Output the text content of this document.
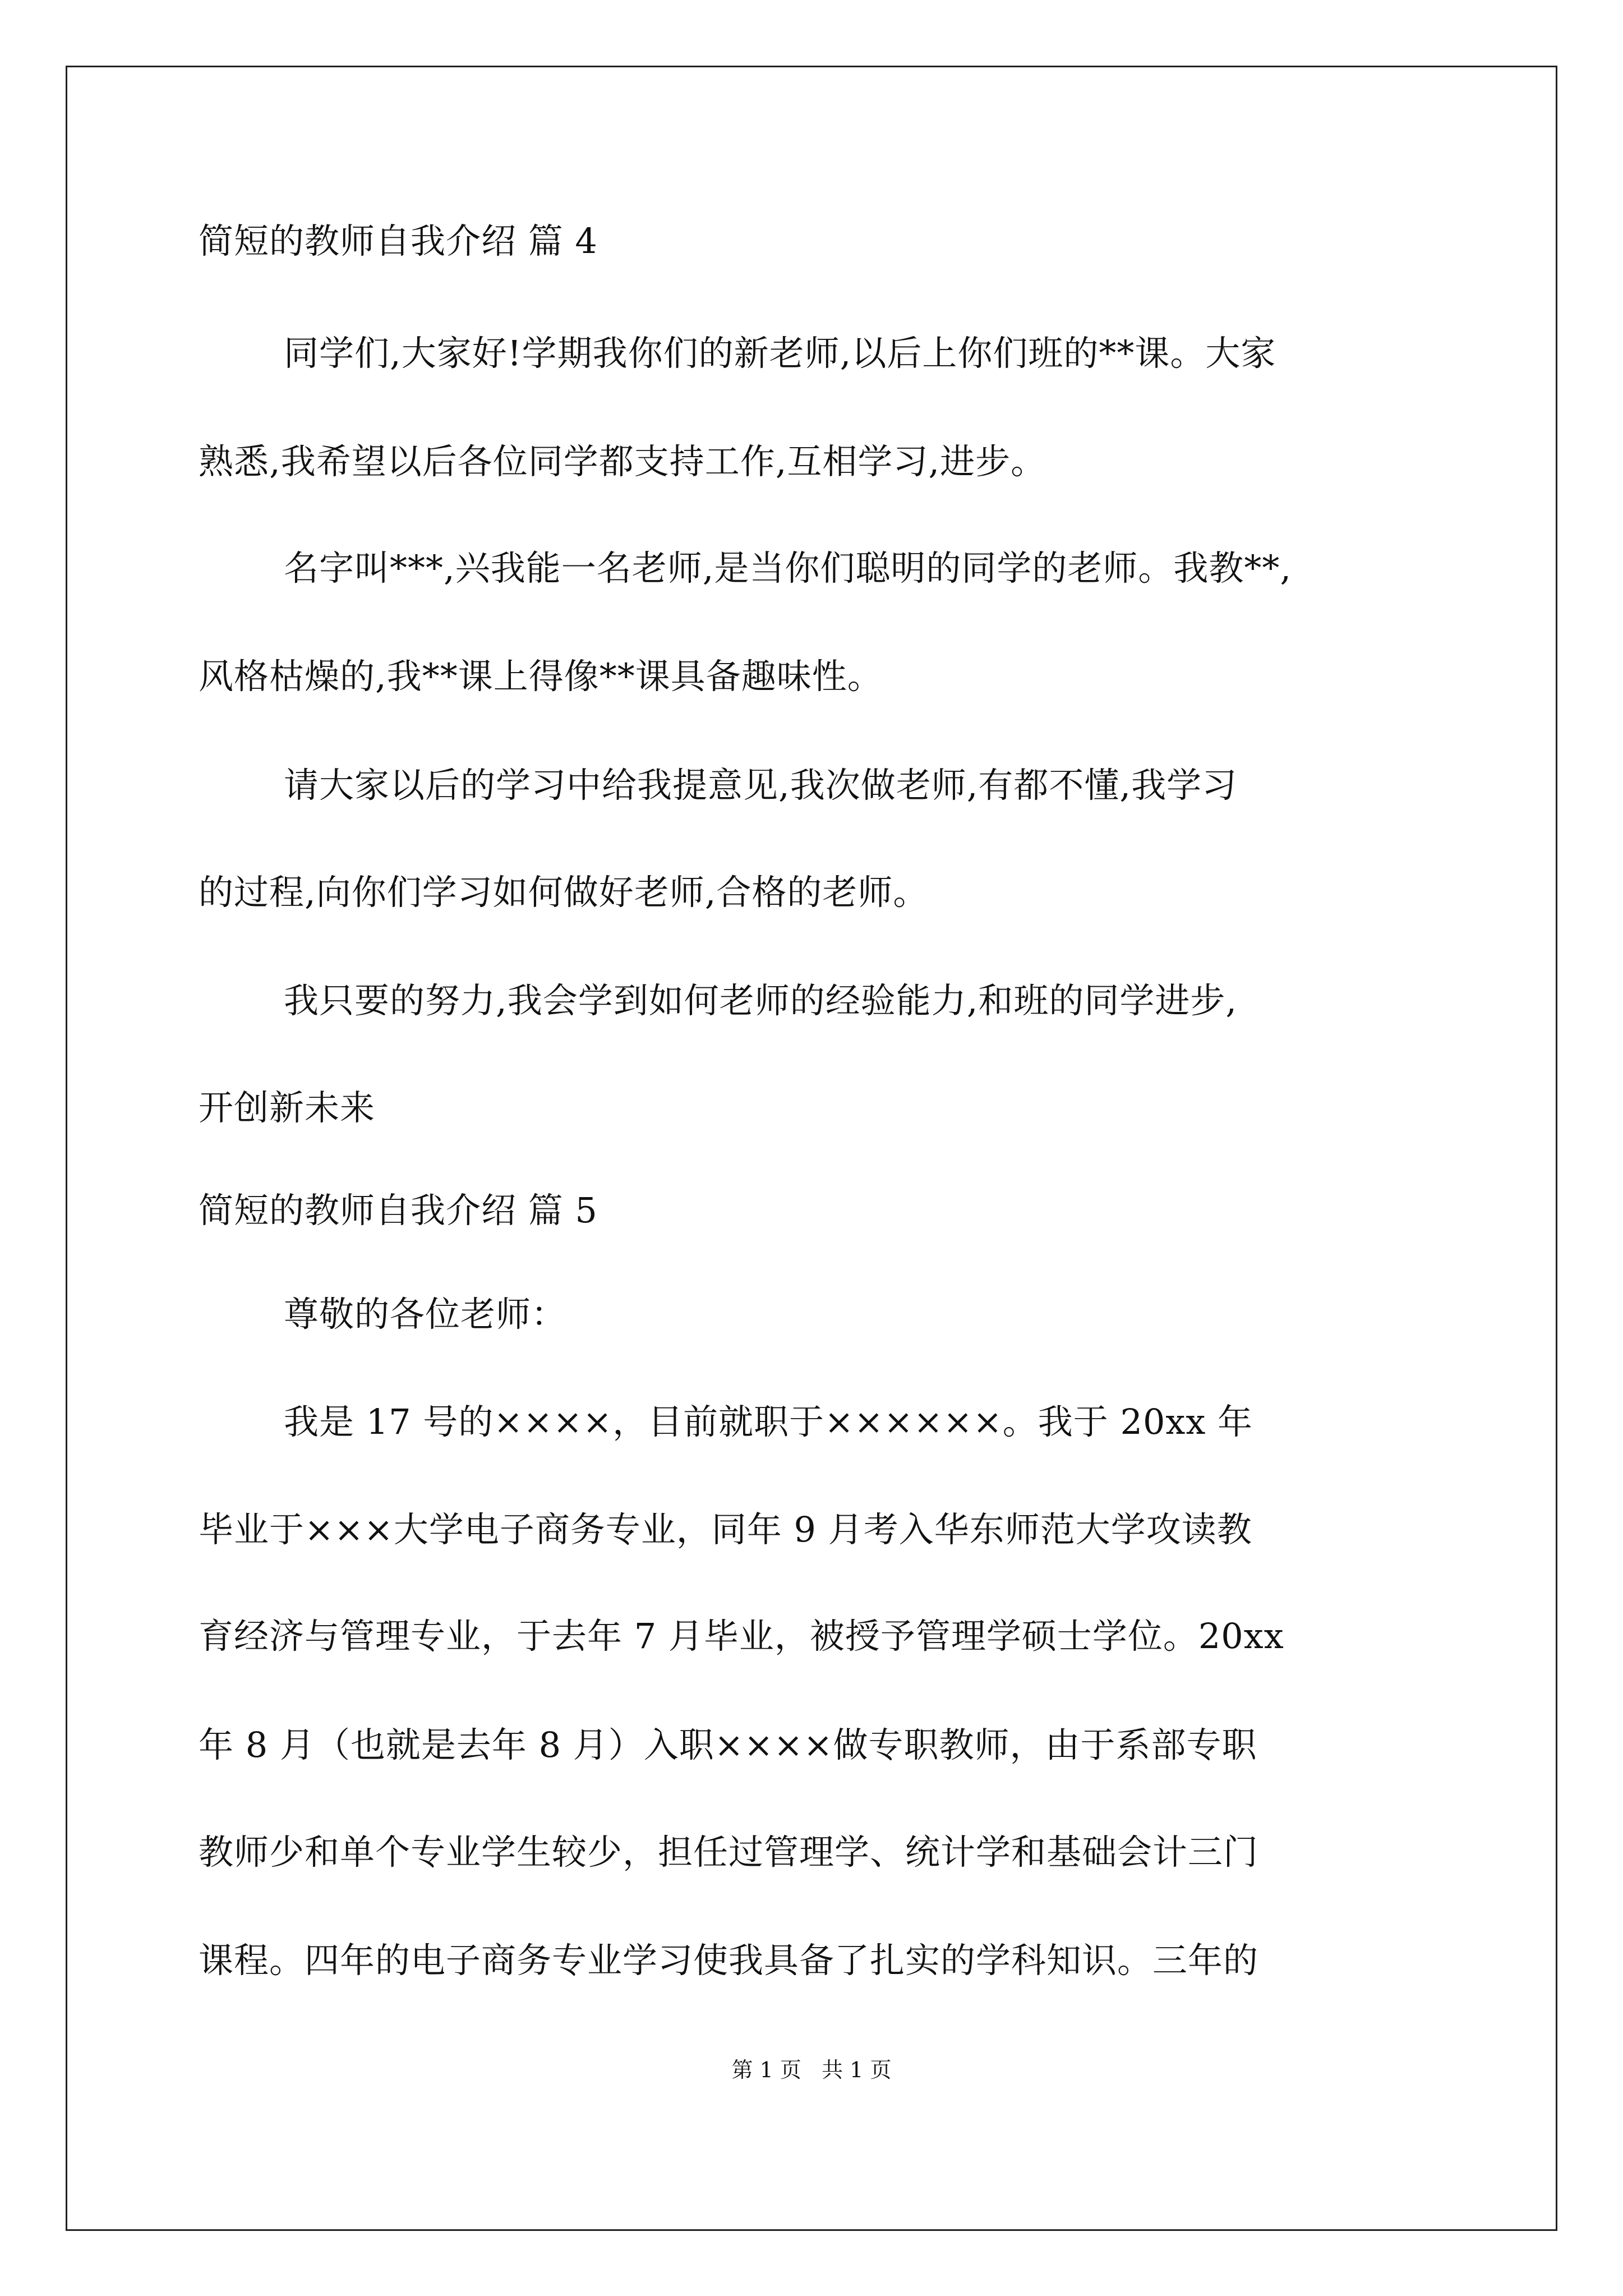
简短的教师自我介绍 篇 4
同学们,大家好!学期我你们的新老师,以后上你们班的**课。大家
熟悉,我希望以后各位同学都支持工作,互相学习,进步。
名字叫***,兴我能一名老师,是当你们聪明的同学的老师。我教**,
风格枯燥的,我**课上得像**课具备趣味性。
请大家以后的学习中给我提意见,我次做老师,有都不懂,我学习
的过程,向你们学习如何做好老师,合格的老师。
我只要的努力,我会学到如何老师的经验能力,和班的同学进步,
开创新未来
简短的教师自我介绍 篇 5
尊敬的各位老师：
我是 17 号的××××，目前就职于××××××。我于 20xx 年
毕业于×××大学电子商务专业，同年 9 月考入华东师范大学攻读教
育经济与管理专业，于去年 7 月毕业，被授予管理学硕士学位。20xx
年 8 月（也就是去年 8 月）入职××××做专职教师，由于系部专职
教师少和单个专业学生较少，担任过管理学、统计学和基础会计三门
课程。四年的电子商务专业学习使我具备了扎实的学科知识。三年的
第 1 页   共 1 页
